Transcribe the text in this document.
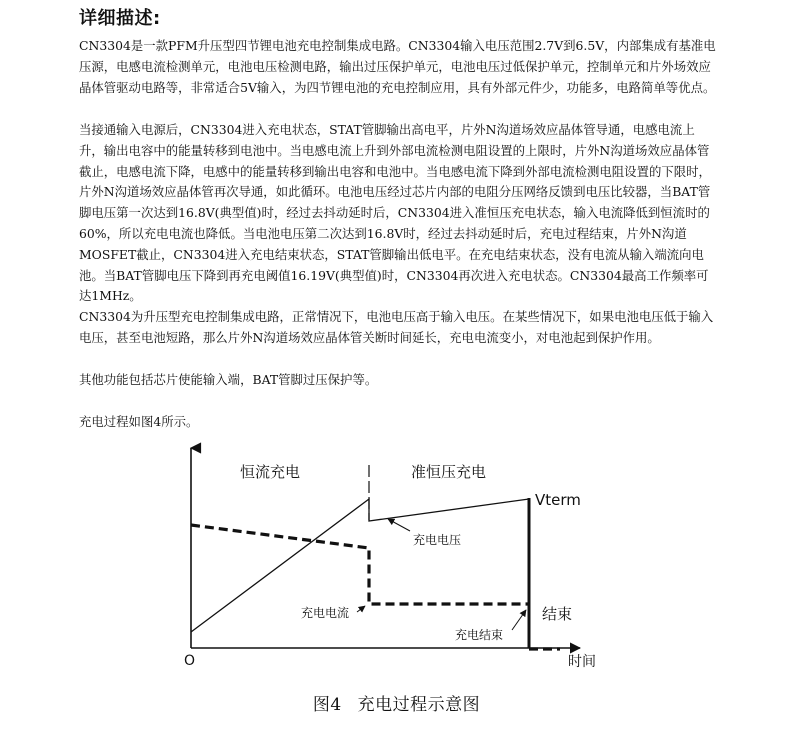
详细描述:
CN3304是一款PFM升压型四节锂电池充电控制集成电路。CN3304输入电压范围2.7V到6.5V，内部集成有基准电压源，电感电流检测单元，电池电压检测电路，输出过压保护单元，电池电压过低保护单元，控制单元和片外场效应晶体管驱动电路等，非常适合5V输入，为四节锂电池的充电控制应用，具有外部元件少，功能多，电路简单等优点。
当接通输入电源后，CN3304进入充电状态，STAT管脚输出高电平，片外N沟道场效应晶体管导通，电感电流上升，输出电容中的能量转移到电池中。当电感电流上升到外部电流检测电阻设置的上限时，片外N沟道场效应晶体管截止，电感电流下降，电感中的能量转移到输出电容和电池中。当电感电流下降到外部电流检测电阻设置的下限时，片外N沟道场效应晶体管再次导通，如此循环。电池电压经过芯片内部的电阻分压网络反馈到电压比较器，当BAT管脚电压第一次达到16.8V(典型值)时，经过去抖动延时后，CN3304进入准恒压充电状态，输入电流降低到恒流时的60%，所以充电电流也降低。当电池电压第二次达到16.8V时，经过去抖动延时后，充电过程结束，片外N沟道MOSFET截止，CN3304进入充电结束状态，STAT管脚输出低电平。在充电结束状态，没有电流从输入端流向电池。当BAT管脚电压下降到再充电阈值16.19V(典型值)时，CN3304再次进入充电状态。CN3304最高工作频率可达1MHz。
CN3304为升压型充电控制集成电路，正常情况下，电池电压高于输入电压。在某些情况下，如果电池电压低于输入电压，甚至电池短路，那么片外N沟道场效应晶体管关断时间延长，充电电流变小，对电池起到保护作用。
其他功能包括芯片使能输入端，BAT管脚过压保护等。
充电过程如图4所示。
恒流充电	准恒压充电
Vterm
充电电压
充电电流	结束
充电结束
O	时间
图4 充电过程示意图
